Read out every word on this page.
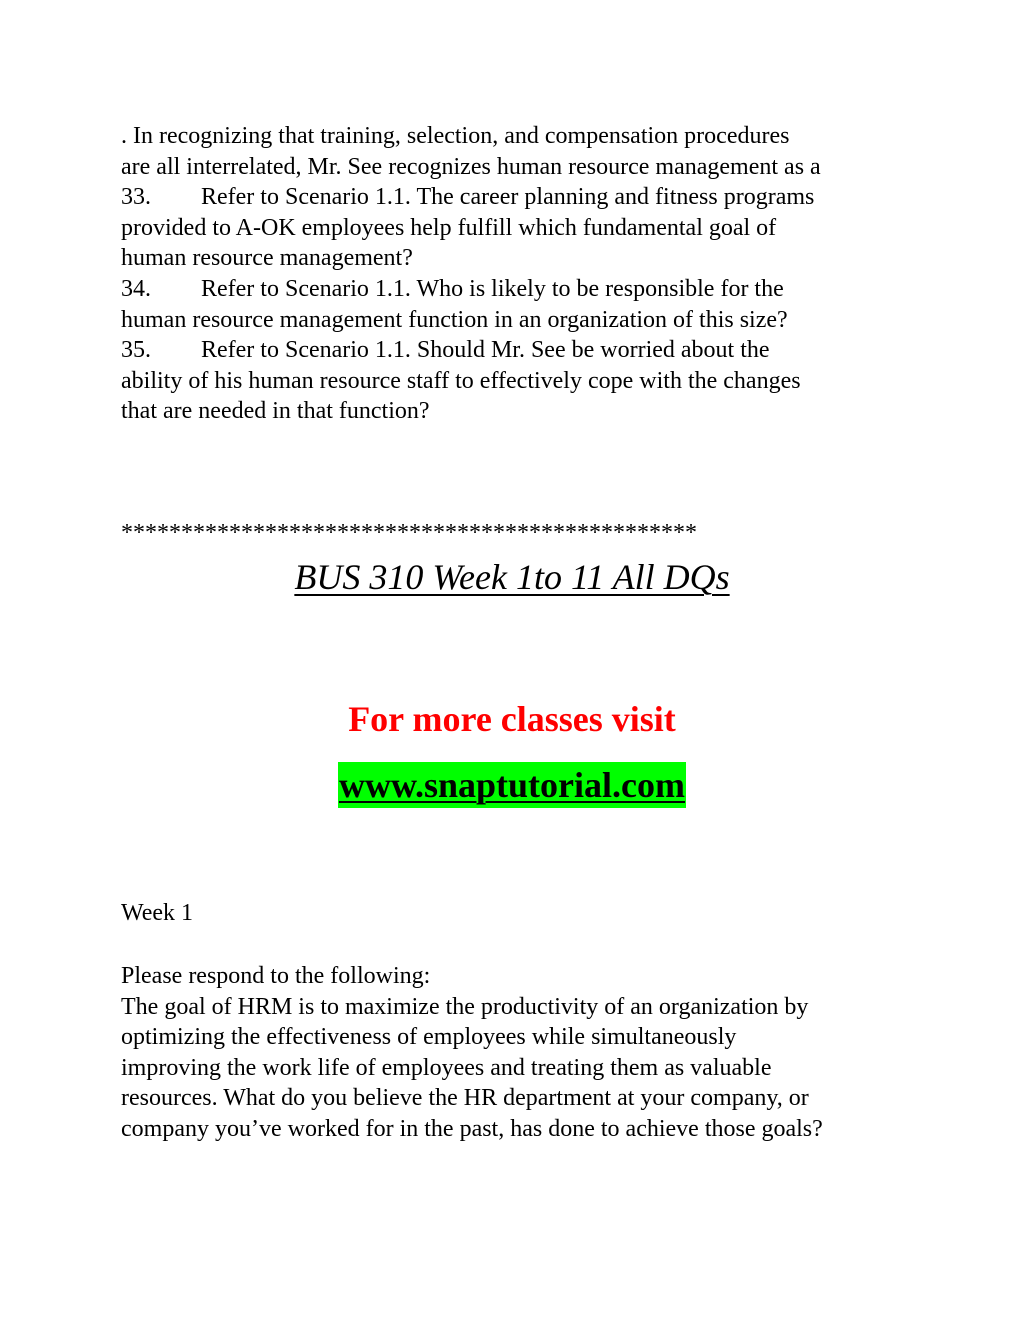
. In recognizing that training, selection, and compensation procedures
are all interrelated, Mr. See recognizes human resource management as a
33. Refer to Scenario 1.1. The career planning and fitness programs
provided to A-OK employees help fulfill which fundamental goal of
human resource management?
34. Refer to Scenario 1.1. Who is likely to be responsible for the
human resource management function in an organization of this size?
35. Refer to Scenario 1.1. Should Mr. See be worried about the
ability of his human resource staff to effectively cope with the changes
that are needed in that function?
************************************************
BUS 310 Week 1to 11 All DQs
For more classes visit
www.snaptutorial.com
Week 1
Please respond to the following:
The goal of HRM is to maximize the productivity of an organization by
optimizing the effectiveness of employees while simultaneously
improving the work life of employees and treating them as valuable
resources. What do you believe the HR department at your company, or
company you’ve worked for in the past, has done to achieve those goals?
